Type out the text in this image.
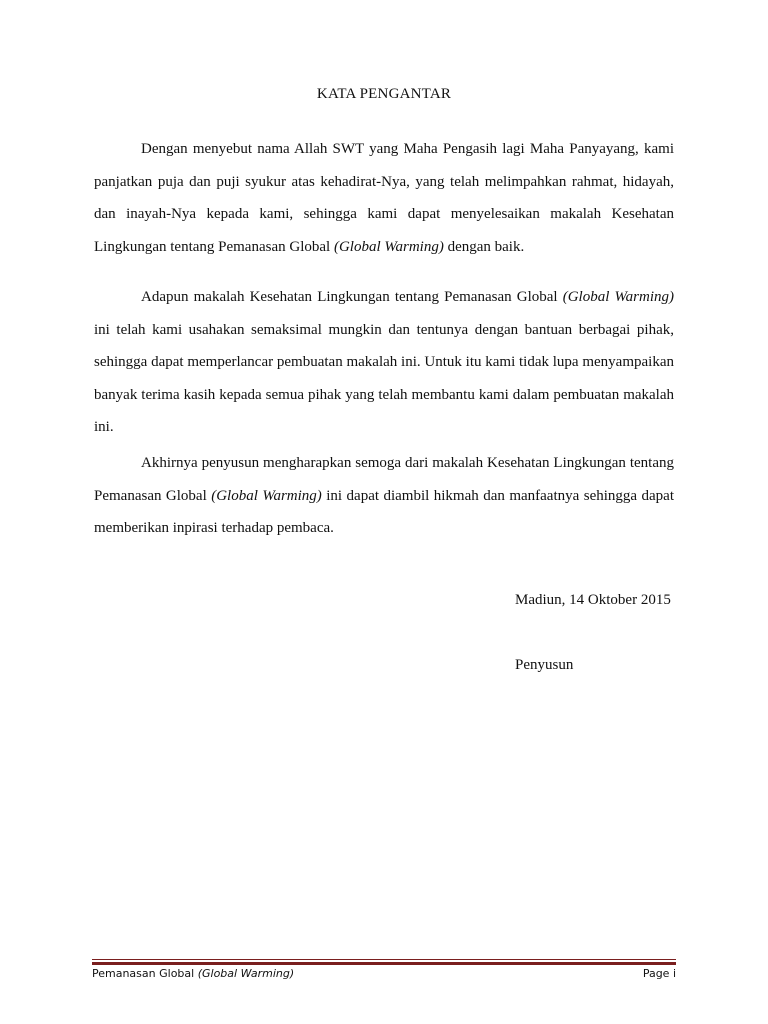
KATA PENGANTAR

Dengan menyebut nama Allah SWT yang Maha Pengasih lagi Maha Panyayang, kami panjatkan puja dan puji syukur atas kehadirat-Nya, yang telah melimpahkan rahmat, hidayah, dan inayah-Nya kepada kami, sehingga kami dapat menyelesaikan makalah Kesehatan Lingkungan tentang Pemanasan Global (Global Warming) dengan baik.

Adapun makalah Kesehatan Lingkungan tentang Pemanasan Global (Global Warming) ini telah kami usahakan semaksimal mungkin dan tentunya dengan bantuan berbagai pihak, sehingga dapat memperlancar pembuatan makalah ini. Untuk itu kami tidak lupa menyampaikan banyak terima kasih kepada semua pihak yang telah membantu kami dalam pembuatan makalah ini.

Akhirnya penyusun mengharapkan semoga dari makalah Kesehatan Lingkungan tentang Pemanasan Global (Global Warming) ini dapat diambil hikmah dan manfaatnya sehingga dapat memberikan inpirasi terhadap pembaca.

Madiun, 14 Oktober 2015
Penyusun
Pemanasan Global (Global Warming)	Page i
